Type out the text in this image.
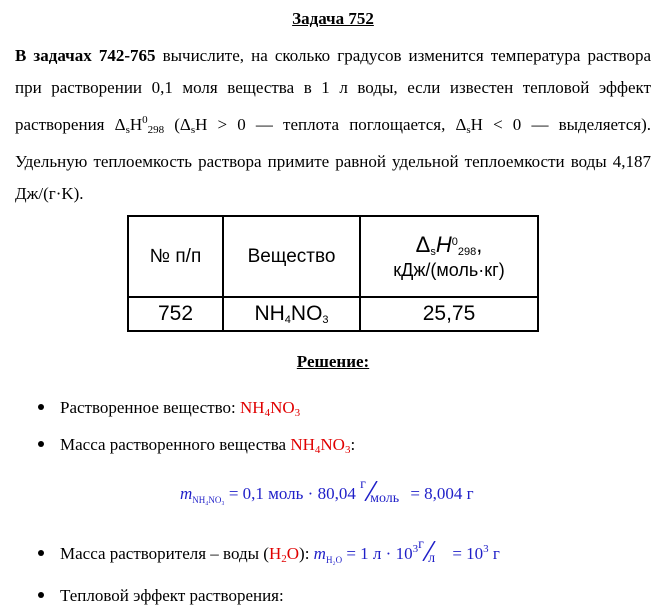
Задача 752
В задачах 742-765 вычислите, на сколько градусов изменится температура раствора при растворении 0,1 моля вещества в 1 л воды, если известен тепловой эффект растворения $\Delta_sH^0_{298}$ ($\Delta_sH > 0$ — теплота поглощается, $\Delta_sH < 0$ — выделяется). Удельную теплоемкость раствора примите равной удельной теплоемкости воды 4,187 Дж/(г·K).
№ п/п	Вещество	$\Delta_sH^0_{298}$,
кДж/(моль·кг)

752	$NH_4NO_3$	25,75
Решение:
Растворенное вещество: $NH_4NO_3$
Масса растворенного вещества $NH_4NO_3$:
$m_{NH_4NO_3} = 0,1$ моль · 80,04 г
моль = 8,004 г
Масса растворителя – воды $(H_2O)$: $m_{H_2O} = 1$ $л \cdot 10^3$ г
$л = 10^3$ г
Тепловой эффект растворения:
